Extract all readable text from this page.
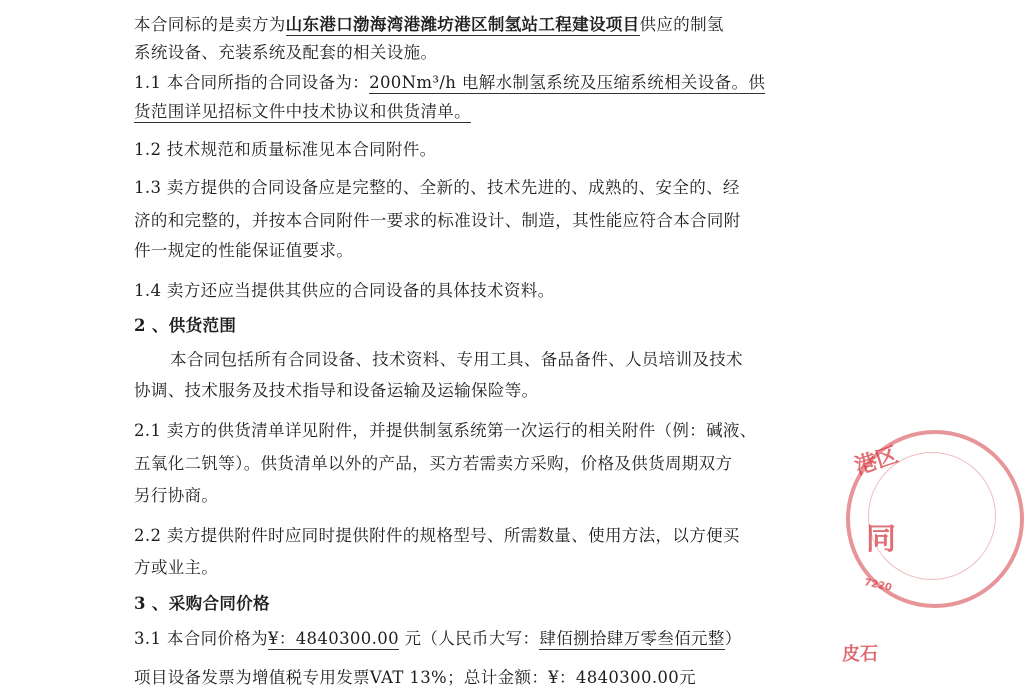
本合同标的是卖方为山东港口渤海湾港潍坊港区制氢站工程建设项目供应的制氢
系统设备、充装系统及配套的相关设施。
1.1 本合同所指的合同设备为：200Nm³/h 电解水制氢系统及压缩系统相关设备。供
货范围详见招标文件中技术协议和供货清单。
1.2 技术规范和质量标准见本合同附件。
1.3 卖方提供的合同设备应是完整的、全新的、技术先进的、成熟的、安全的、经
济的和完整的，并按本合同附件一要求的标准设计、制造，其性能应符合本合同附
件一规定的性能保证值要求。
1.4 卖方还应当提供其供应的合同设备的具体技术资料。
2 、供货范围
本合同包括所有合同设备、技术资料、专用工具、备品备件、人员培训及技术
协调、技术服务及技术指导和设备运输及运输保险等。
2.1 卖方的供货清单详见附件，并提供制氢系统第一次运行的相关附件（例：碱液、
五氧化二钒等）。供货清单以外的产品，买方若需卖方采购，价格及供货周期双方
另行协商。
2.2 卖方提供附件时应同时提供附件的规格型号、所需数量、使用方法，以方便买
方或业主。
3 、采购合同价格
3.1 本合同价格为¥：4840300.00 元（人民币大写：肆佰捌拾肆万零叁佰元整）
项目设备发票为增值税专用发票VAT 13%；总计金额：¥：4840300.00元
港区
同
7220
皮石
